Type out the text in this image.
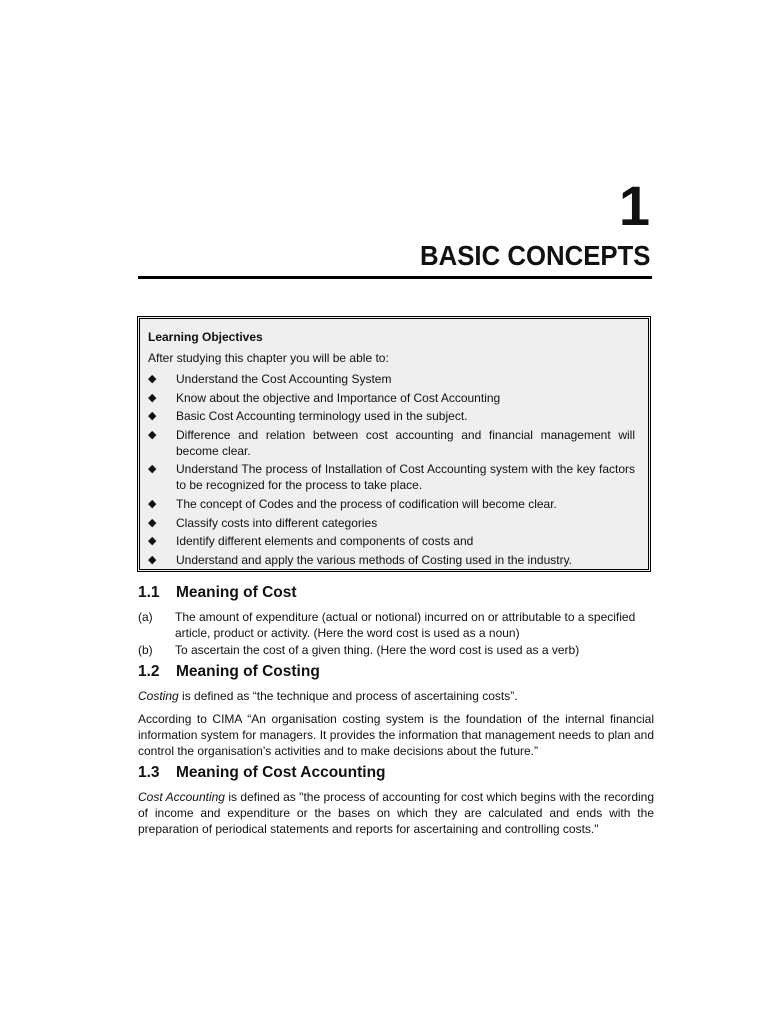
1
BASIC CONCEPTS

Learning Objectives

After studying this chapter you will be able to:

◆ Understand the Cost Accounting System
◆ Know about the objective and Importance of Cost Accounting
◆ Basic Cost Accounting terminology used in the subject.
◆ Difference and relation between cost accounting and financial management will become clear.
◆ Understand The process of Installation of Cost Accounting system with the key factors to be recognized for the process to take place.
◆ The concept of Codes and the process of codification will become clear.
◆ Classify costs into different categories
◆ Identify different elements and components of costs and
◆ Understand and apply the various methods of Costing used in the industry.
1.1 Meaning of Cost
(a) The amount of expenditure (actual or notional) incurred on or attributable to a specified article, product or activity. (Here the word cost is used as a noun)
(b) To ascertain the cost of a given thing. (Here the word cost is used as a verb)
1.2 Meaning of Costing

Costing is defined as “the technique and process of ascertaining costs”.

According to CIMA “An organisation costing system is the foundation of the internal financial information system for managers. It provides the information that management needs to plan and control the organisation’s activities and to make decisions about the future.”

1.3 Meaning of Cost Accounting

Cost Accounting is defined as "the process of accounting for cost which begins with the recording of income and expenditure or the bases on which they are calculated and ends with the preparation of periodical statements and reports for ascertaining and controlling costs."
